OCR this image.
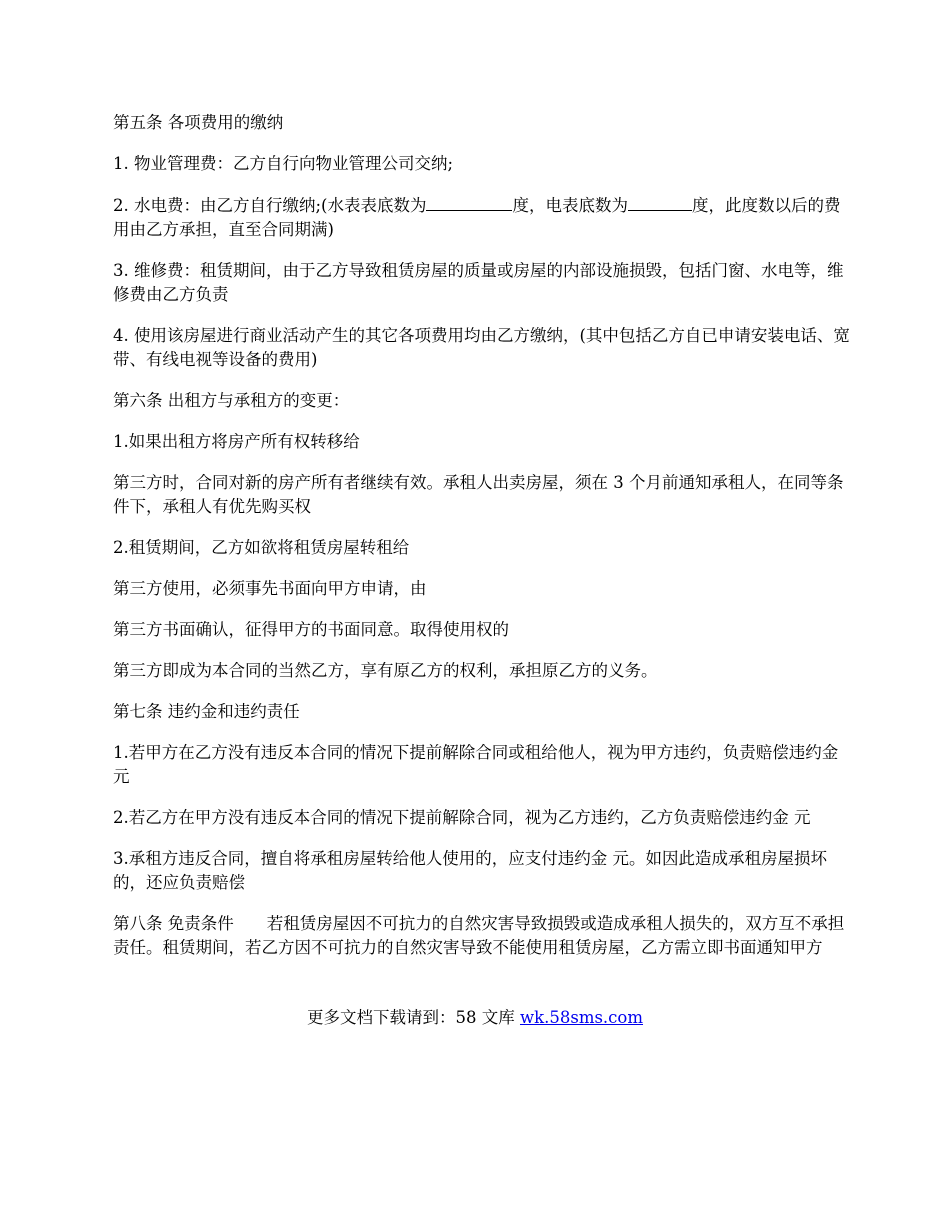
第五条 各项费用的缴纳

1. 物业管理费：乙方自行向物业管理公司交纳;

2. 水电费：由乙方自行缴纳;(水表表底数为	度，电表底数为	度，此度数以后的费用由乙方承担，直至合同期满)

3. 维修费：租赁期间，由于乙方导致租赁房屋的质量或房屋的内部设施损毁，包括门窗、水电等，维修费由乙方负责

4. 使用该房屋进行商业活动产生的其它各项费用均由乙方缴纳，(其中包括乙方自已申请安装电话、宽带、有线电视等设备的费用)

第六条 出租方与承租方的变更：

1.如果出租方将房产所有权转移给

第三方时，合同对新的房产所有者继续有效。承租人出卖房屋，须在 3 个月前通知承租人，在同等条件下，承租人有优先购买权

2.租赁期间，乙方如欲将租赁房屋转租给

第三方使用，必须事先书面向甲方申请，由

第三方书面确认，征得甲方的书面同意。取得使用权的

第三方即成为本合同的当然乙方，享有原乙方的权利，承担原乙方的义务。

第七条 违约金和违约责任

1.若甲方在乙方没有违反本合同的情况下提前解除合同或租给他人，视为甲方违约，负责赔偿违约金 元

2.若乙方在甲方没有违反本合同的情况下提前解除合同，视为乙方违约，乙方负责赔偿违约金 元

3.承租方违反合同，擅自将承租房屋转给他人使用的，应支付违约金 元。如因此造成承租房屋损坏的，还应负责赔偿

第八条 免责条件　　若租赁房屋因不可抗力的自然灾害导致损毁或造成承租人损失的，双方互不承担责任。租赁期间，若乙方因不可抗力的自然灾害导致不能使用租赁房屋，乙方需立即书面通知甲方

更多文档下载请到：58 文库 wk.58sms.com
